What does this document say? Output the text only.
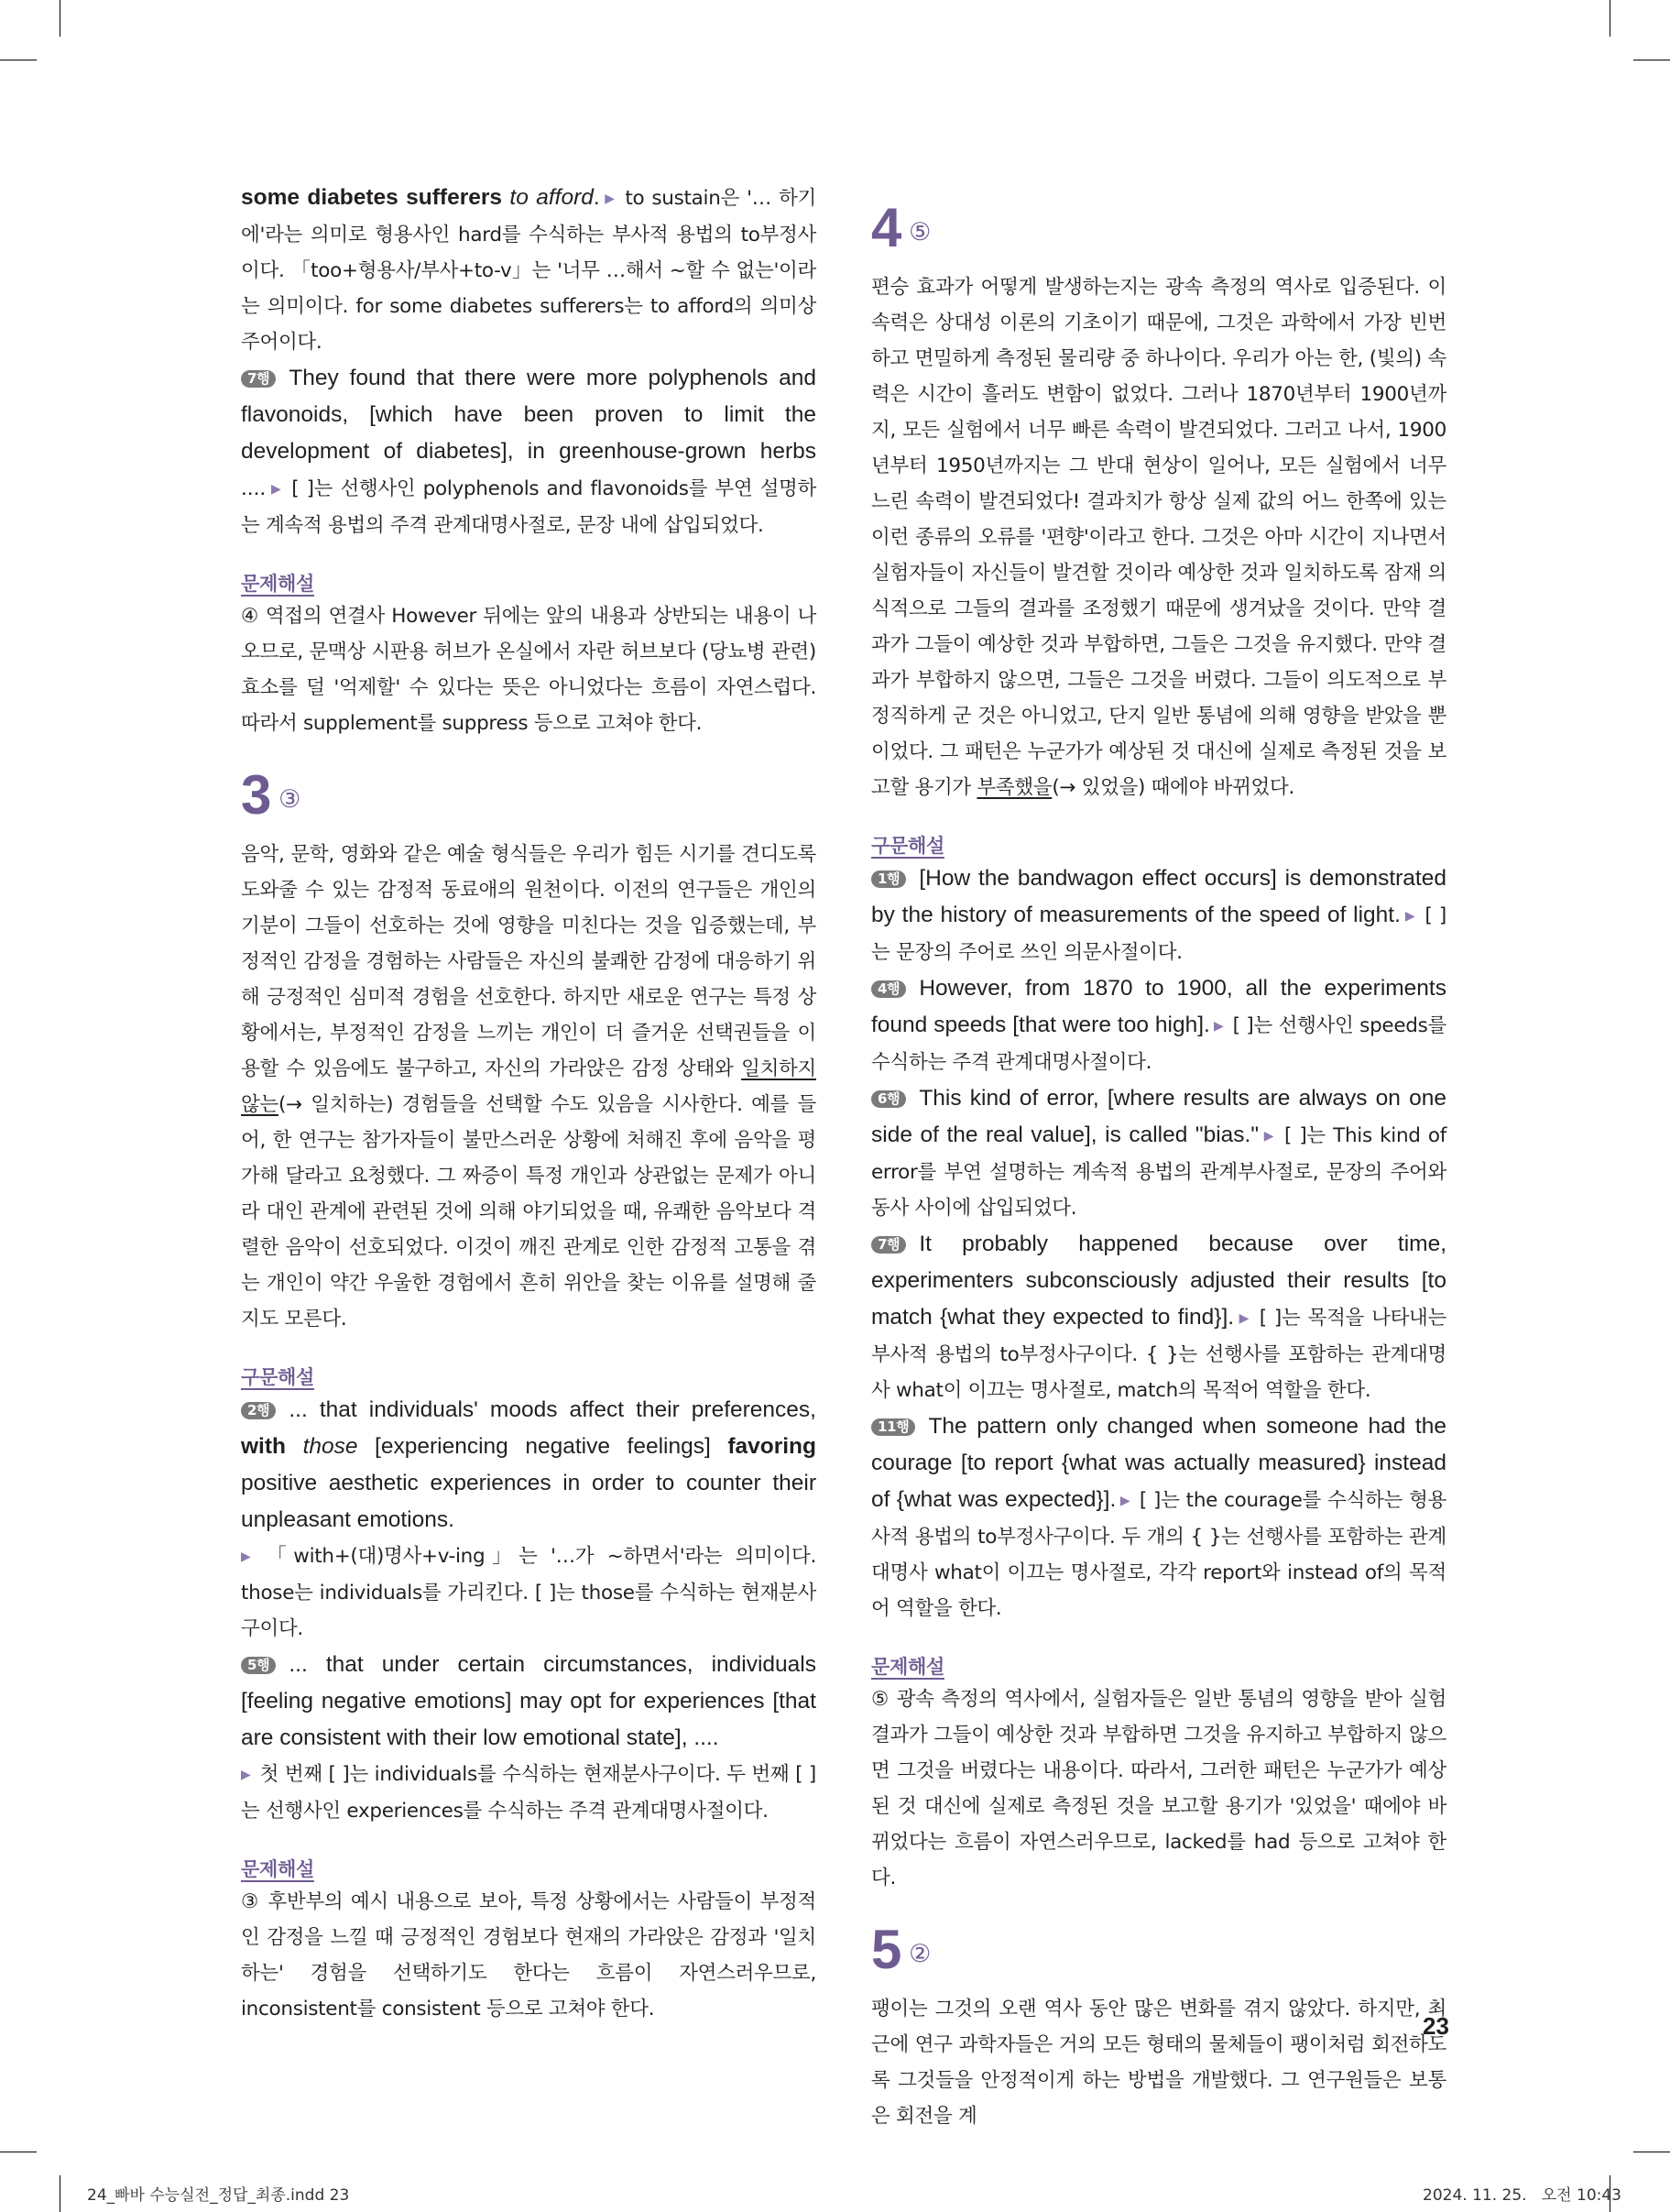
some diabetes sufferers to afford. ▶ to sustain은 '… 하기에'라는 의미로 형용사인 hard를 수식하는 부사적 용법의 to부정사이다. 「too+형용사/부사+to-v」는 '너무 …해서 ~할 수 없는'이라는 의미이다. for some diabetes sufferers는 to afford의 의미상 주어이다.

7행 They found that there were more polyphenols and flavonoids, [which have been proven to limit the development of diabetes], in greenhouse-grown herbs .... ▶ [ ]는 선행사인 polyphenols and flavonoids를 부연 설명하는 계속적 용법의 주격 관계대명사절로, 문장 내에 삽입되었다.

문제해설

④ 역접의 연결사 However 뒤에는 앞의 내용과 상반되는 내용이 나오므로, 문맥상 시판용 허브가 온실에서 자란 허브보다 (당뇨병 관련) 효소를 덜 '억제할' 수 있다는 뜻은 아니었다는 흐름이 자연스럽다. 따라서 supplement를 suppress 등으로 고쳐야 한다.

3 ③

음악, 문학, 영화와 같은 예술 형식들은 우리가 힘든 시기를 견디도록 도와줄 수 있는 감정적 동료애의 원천이다. 이전의 연구들은 개인의 기분이 그들이 선호하는 것에 영향을 미친다는 것을 입증했는데, 부정적인 감정을 경험하는 사람들은 자신의 불쾌한 감정에 대응하기 위해 긍정적인 심미적 경험을 선호한다. 하지만 새로운 연구는 특정 상황에서는, 부정적인 감정을 느끼는 개인이 더 즐거운 선택권들을 이용할 수 있음에도 불구하고, 자신의 가라앉은 감정 상태와 일치하지 않는(→ 일치하는) 경험들을 선택할 수도 있음을 시사한다. 예를 들어, 한 연구는 참가자들이 불만스러운 상황에 처해진 후에 음악을 평가해 달라고 요청했다. 그 짜증이 특정 개인과 상관없는 문제가 아니라 대인 관계에 관련된 것에 의해 야기되었을 때, 유쾌한 음악보다 격렬한 음악이 선호되었다. 이것이 깨진 관계로 인한 감정적 고통을 겪는 개인이 약간 우울한 경험에서 흔히 위안을 찾는 이유를 설명해 줄지도 모른다.

구문해설

2행 ... that individuals' moods affect their preferences, with those [experiencing negative feelings] favoring positive aesthetic experiences in order to counter their unpleasant emotions.
▶ 「with+(대)명사+v-ing」는 '…가 ~하면서'라는 의미이다. those는 individuals를 가리킨다. [ ]는 those를 수식하는 현재분사구이다.

5행 ... that under certain circumstances, individuals [feeling negative emotions] may opt for experiences [that are consistent with their low emotional state], ....
▶ 첫 번째 [ ]는 individuals를 수식하는 현재분사구이다. 두 번째 [ ]는 선행사인 experiences를 수식하는 주격 관계대명사절이다.

문제해설

③ 후반부의 예시 내용으로 보아, 특정 상황에서는 사람들이 부정적인 감정을 느낄 때 긍정적인 경험보다 현재의 가라앉은 감정과 '일치하는' 경험을 선택하기도 한다는 흐름이 자연스러우므로, inconsistent를 consistent 등으로 고쳐야 한다.

4 ⑤

편승 효과가 어떻게 발생하는지는 광속 측정의 역사로 입증된다. 이 속력은 상대성 이론의 기초이기 때문에, 그것은 과학에서 가장 빈번하고 면밀하게 측정된 물리량 중 하나이다. 우리가 아는 한, (빛의) 속력은 시간이 흘러도 변함이 없었다. 그러나 1870년부터 1900년까지, 모든 실험에서 너무 빠른 속력이 발견되었다. 그러고 나서, 1900년부터 1950년까지는 그 반대 현상이 일어나, 모든 실험에서 너무 느린 속력이 발견되었다! 결과치가 항상 실제 값의 어느 한쪽에 있는 이런 종류의 오류를 '편향'이라고 한다. 그것은 아마 시간이 지나면서 실험자들이 자신들이 발견할 것이라 예상한 것과 일치하도록 잠재 의식적으로 그들의 결과를 조정했기 때문에 생겨났을 것이다. 만약 결과가 그들이 예상한 것과 부합하면, 그들은 그것을 유지했다. 만약 결과가 부합하지 않으면, 그들은 그것을 버렸다. 그들이 의도적으로 부정직하게 군 것은 아니었고, 단지 일반 통념에 의해 영향을 받았을 뿐이었다. 그 패턴은 누군가가 예상된 것 대신에 실제로 측정된 것을 보고할 용기가 부족했을(→ 있었을) 때에야 바뀌었다.

구문해설

1행 [How the bandwagon effect occurs] is demonstrated by the history of measurements of the speed of light. ▶ [ ]는 문장의 주어로 쓰인 의문사절이다.

4행 However, from 1870 to 1900, all the experiments found speeds [that were too high]. ▶ [ ]는 선행사인 speeds를 수식하는 주격 관계대명사절이다.

6행 This kind of error, [where results are always on one side of the real value], is called "bias." ▶ [ ]는 This kind of error를 부연 설명하는 계속적 용법의 관계부사절로, 문장의 주어와 동사 사이에 삽입되었다.

7행 It probably happened because over time, experimenters subconsciously adjusted their results [to match {what they expected to find}]. ▶ [ ]는 목적을 나타내는 부사적 용법의 to부정사구이다. { }는 선행사를 포함하는 관계대명사 what이 이끄는 명사절로, match의 목적어 역할을 한다.

11행 The pattern only changed when someone had the courage [to report {what was actually measured} instead of {what was expected}]. ▶ [ ]는 the courage를 수식하는 형용사적 용법의 to부정사구이다. 두 개의 { }는 선행사를 포함하는 관계대명사 what이 이끄는 명사절로, 각각 report와 instead of의 목적어 역할을 한다.

문제해설

⑤ 광속 측정의 역사에서, 실험자들은 일반 통념의 영향을 받아 실험 결과가 그들이 예상한 것과 부합하면 그것을 유지하고 부합하지 않으면 그것을 버렸다는 내용이다. 따라서, 그러한 패턴은 누군가가 예상된 것 대신에 실제로 측정된 것을 보고할 용기가 '있었을' 때에야 바뀌었다는 흐름이 자연스러우므로, lacked를 had 등으로 고쳐야 한다.

5 ②

팽이는 그것의 오랜 역사 동안 많은 변화를 겪지 않았다. 하지만, 최근에 연구 과학자들은 거의 모든 형태의 물체들이 팽이처럼 회전하도록 그것들을 안정적이게 하는 방법을 개발했다. 그 연구원들은 보통은 회전을 계

23
24_빠바 수능실전_정답_최종.indd 23	2024. 11. 25.   오전 10:43
